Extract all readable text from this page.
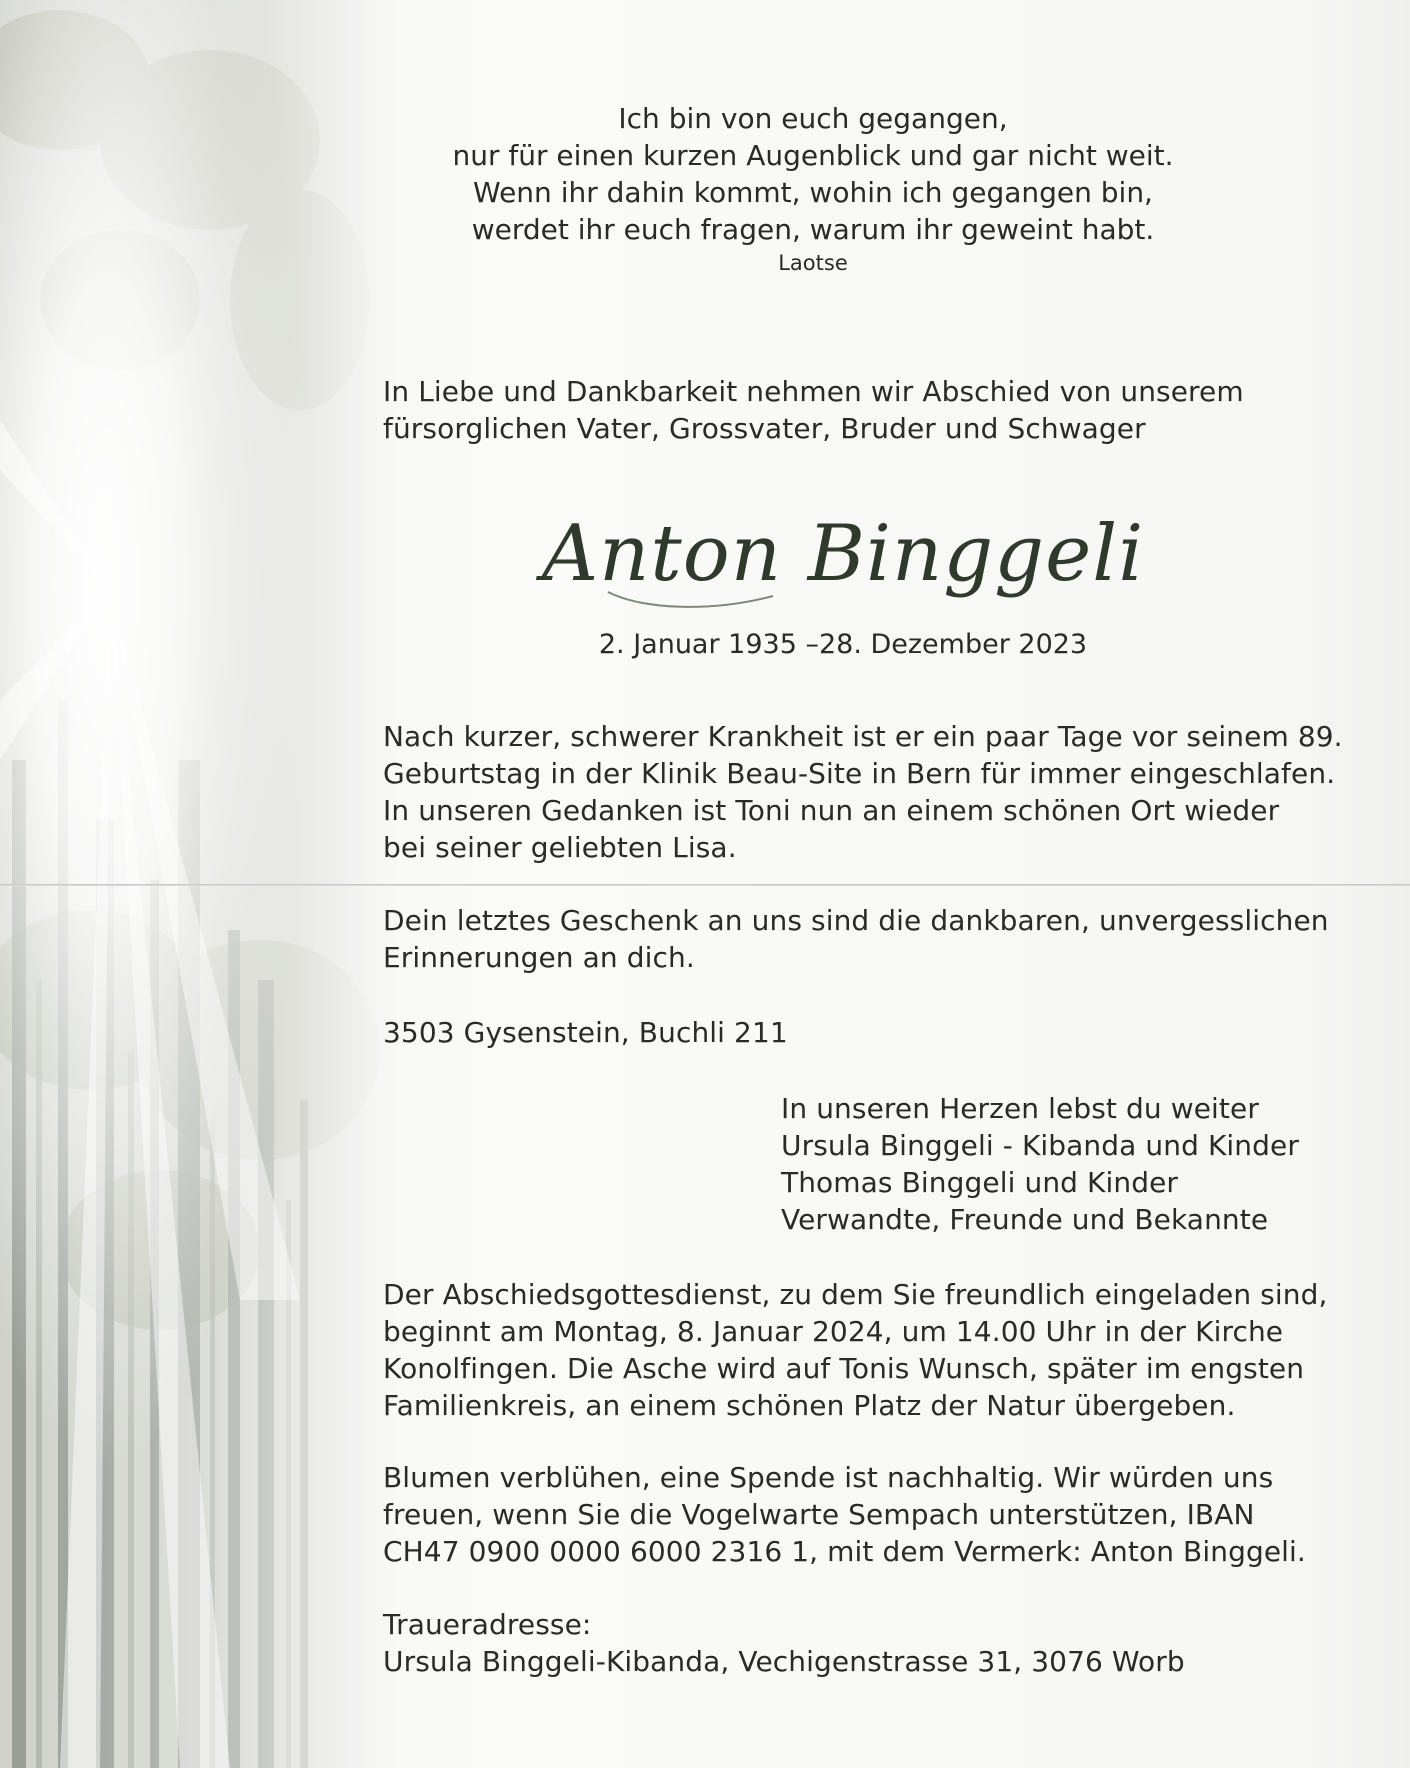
Ich bin von euch gegangen,
nur für einen kurzen Augenblick und gar nicht weit.
Wenn ihr dahin kommt, wohin ich gegangen bin,
werdet ihr euch fragen, warum ihr geweint habt.
Laotse
In Liebe und Dankbarkeit nehmen wir Abschied von unserem
fürsorglichen Vater, Grossvater, Bruder und Schwager
Anton Binggeli
2. Januar 1935 –28. Dezember 2023
Nach kurzer, schwerer Krankheit ist er ein paar Tage vor seinem 89.
Geburtstag in der Klinik Beau-Site in Bern für immer eingeschlafen.
In unseren Gedanken ist Toni nun an einem schönen Ort wieder
bei seiner geliebten Lisa.
Dein letztes Geschenk an uns sind die dankbaren, unvergesslichen
Erinnerungen an dich.
3503 Gysenstein, Buchli 211
In unseren Herzen lebst du weiter
Ursula Binggeli - Kibanda und Kinder
Thomas Binggeli und Kinder
Verwandte, Freunde und Bekannte
Der Abschiedsgottesdienst, zu dem Sie freundlich eingeladen sind,
beginnt am Montag, 8. Januar 2024, um 14.00 Uhr in der Kirche
Konolfingen. Die Asche wird auf Tonis Wunsch, später im engsten
Familienkreis, an einem schönen Platz der Natur übergeben.
Blumen verblühen, eine Spende ist nachhaltig. Wir würden uns
freuen, wenn Sie die Vogelwarte Sempach unterstützen, IBAN
CH47 0900 0000 6000 2316 1, mit dem Vermerk: Anton Binggeli.
Traueradresse:
Ursula Binggeli-Kibanda, Vechigenstrasse 31, 3076 Worb
